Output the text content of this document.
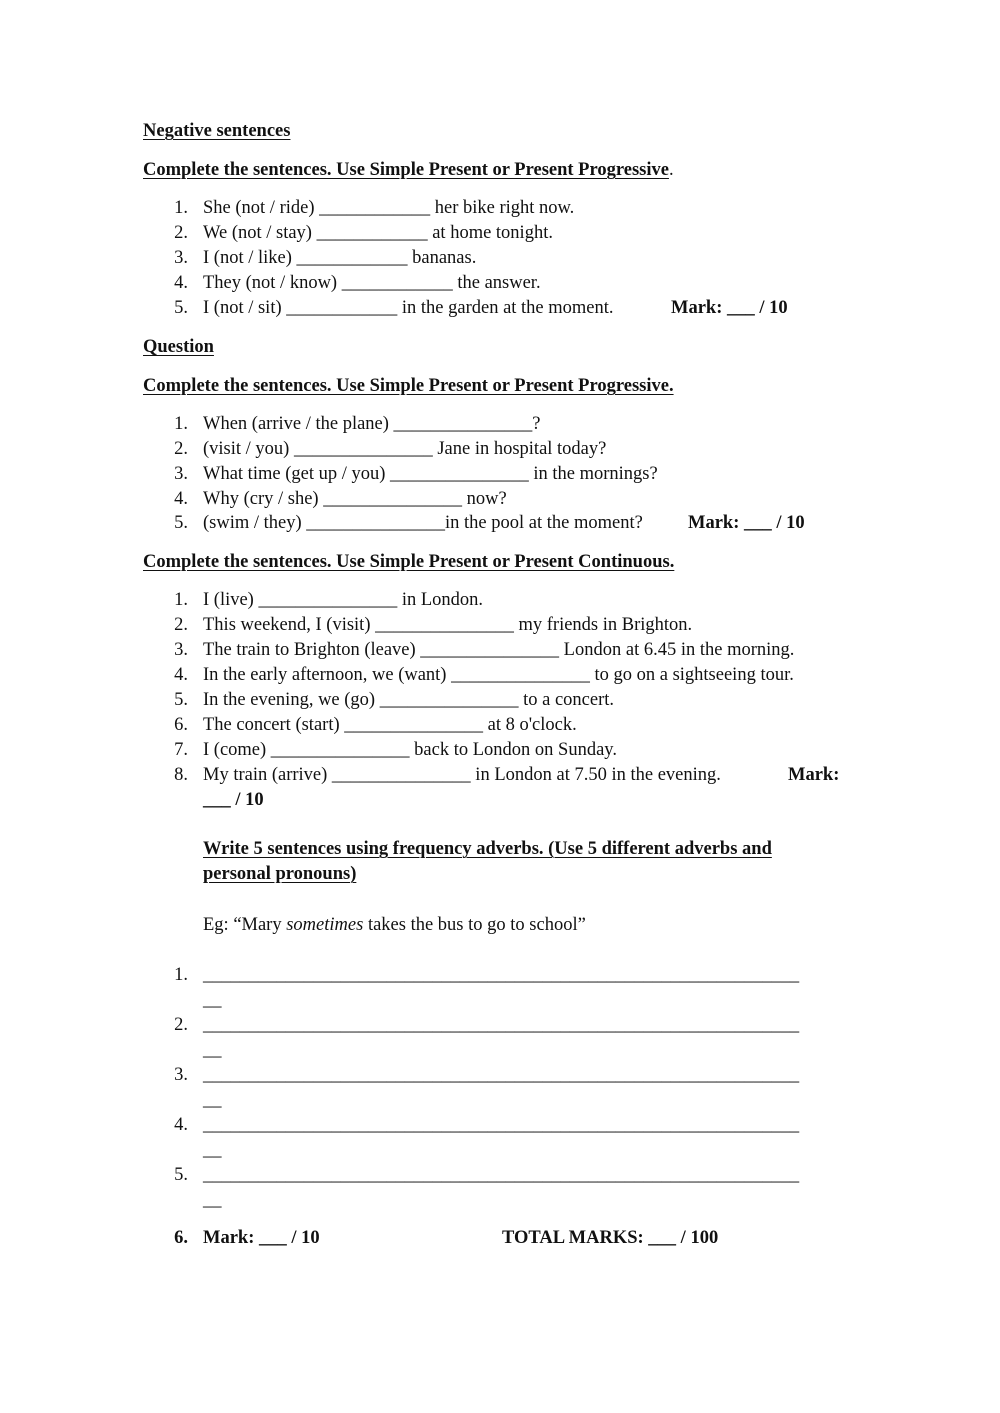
Negative sentences
Complete the sentences. Use Simple Present or Present Progressive.
1. She (not / ride) ____________ her bike right now.
2. We (not / stay) ____________ at home tonight.
3. I (not / like) ____________ bananas.
4. They (not / know) ____________ the answer.
5. I (not / sit) ____________ in the garden at the moment.	Mark: ___ / 10
Question
Complete the sentences. Use Simple Present or Present Progressive.
1. When (arrive / the plane) _______________?
2. (visit / you) _______________ Jane in hospital today?
3. What time (get up / you) _______________ in the mornings?
4. Why (cry / she) _______________ now?
5. (swim / they) _______________in the pool at the moment? Mark: ___ / 10
Complete the sentences. Use Simple Present or Present Continuous.
1. I (live) _______________ in London.
2. This weekend, I (visit) _______________ my friends in Brighton.
3. The train to Brighton (leave) _______________ London at 6.45 in the morning.
4. In the early afternoon, we (want) _______________ to go on a sightseeing tour.
5. In the evening, we (go) _______________ to a concert.
6. The concert (start) _______________ at 8 o'clock.
7. I (come) _______________ back to London on Sunday.
8. My train (arrive) _______________ in London at 7.50 in the evening.	Mark:
___ / 10
Write 5 sentences using frequency adverbs. (Use 5 different adverbs and personal pronouns)
Eg: “Mary sometimes takes the bus to go to school”
1. _________________________________________________________________
__
2. _________________________________________________________________
__
3. _________________________________________________________________
__
4. _________________________________________________________________
__
5. _________________________________________________________________
__
6. Mark: ___ / 10	TOTAL MARKS: ___ / 100
